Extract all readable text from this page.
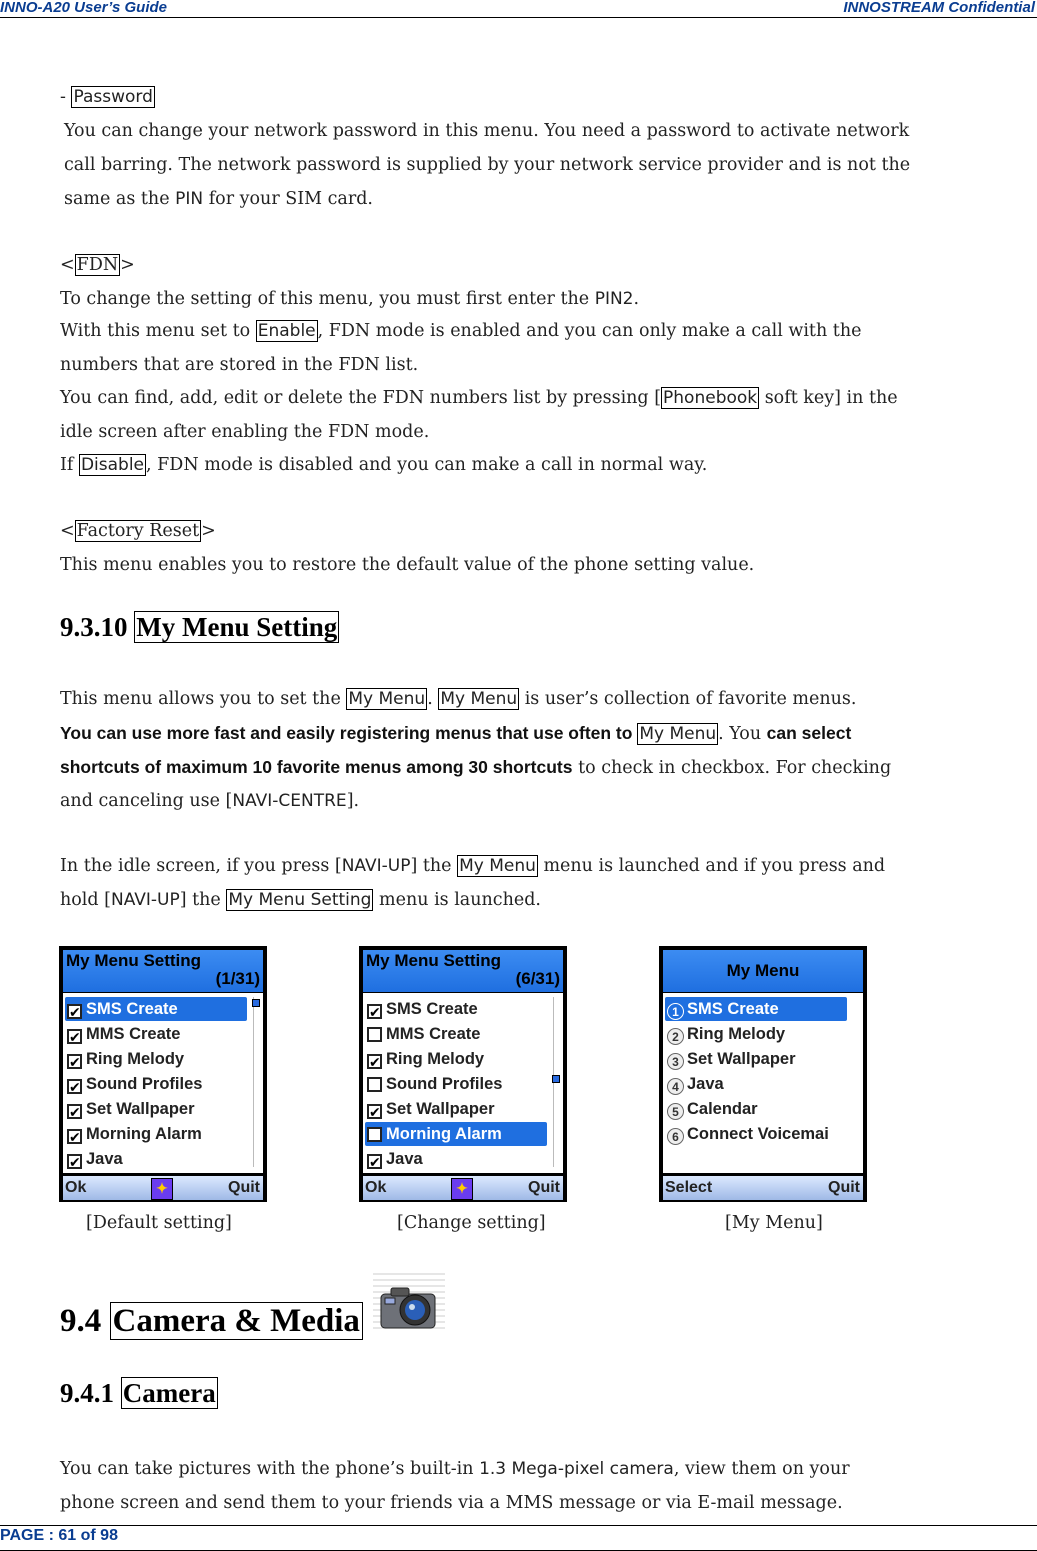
INNO-A20 User’s Guide	INNOSTREAM Confidential
- Password
You can change your network password in this menu. You need a password to activate network
call barring. The network password is supplied by your network service provider and is not the
same as the PIN for your SIM card.
< FDN >
To change the setting of this menu, you must first enter the PIN2.
With this menu set to Enable , FDN mode is enabled and you can only make a call with the
numbers that are stored in the FDN list.
You can find, add, edit or delete the FDN numbers list by pressing [ Phonebook soft key] in the
idle screen after enabling the FDN mode.
If Disable , FDN mode is disabled and you can make a call in normal way.
< Factory Reset >
This menu enables you to restore the default value of the phone setting value.
9.3.10 My Menu Setting
This menu allows you to set the My Menu . My Menu is user’s collection of favorite menus.
You can use more fast and easily registering menus that use often to My Menu . You can select
shortcuts of maximum 10 favorite menus among 30 shortcuts to check in checkbox. For checking
and canceling use [NAVI-CENTRE].
In the idle screen, if you press [NAVI-UP] the My Menu menu is launched and if you press and
hold [NAVI-UP] the My Menu Setting menu is launched.
My Menu Setting
(1/31)
✔ SMS Create
✔ MMS Create
✔ Ring Melody
✔ Sound Profiles
✔ Set Wallpaper
✔ Morning Alarm
✔ Java
Ok	✦	Quit
My Menu Setting
(6/31)
✔ SMS Create
MMS Create
✔ Ring Melody
Sound Profiles
✔ Set Wallpaper
Morning Alarm
✔ Java
Ok	✦	Quit
My Menu
1 SMS Create
2 Ring Melody
3 Set Wallpaper
4 Java
5 Calendar
6 Connect Voicemai
Select	Quit
[Default setting]	[Change setting]	[My Menu]
9.4 Camera & Media
9.4.1 Camera
You can take pictures with the phone’s built-in 1.3 Mega-pixel camera, view them on your
phone screen and send them to your friends via a MMS message or via E-mail message.
PAGE : 61 of 98
